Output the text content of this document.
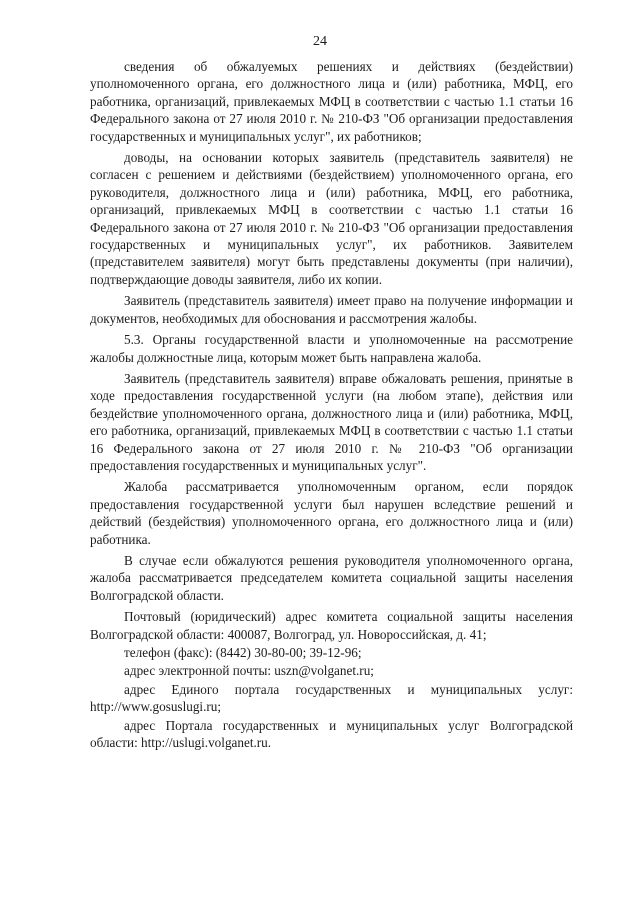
24

сведения об обжалуемых решениях и действиях (бездействии) уполномоченного органа, его должностного лица и (или) работника, МФЦ, его работника, организаций, привлекаемых МФЦ в соответствии с частью 1.1 статьи 16 Федерального закона от 27 июля 2010 г. № 210-ФЗ "Об организации предоставления государственных и муниципальных услуг", их работников;

доводы, на основании которых заявитель (представитель заявителя) не согласен с решением и действиями (бездействием) уполномоченного органа, его руководителя, должностного лица и (или) работника, МФЦ, его работника, организаций, привлекаемых МФЦ в соответствии с частью 1.1 статьи 16 Федерального закона от 27 июля 2010 г. № 210-ФЗ "Об организации предоставления государственных и муниципальных услуг", их работников. Заявителем (представителем заявителя) могут быть представлены документы (при наличии), подтверждающие доводы заявителя, либо их копии.

Заявитель (представитель заявителя) имеет право на получение информации и документов, необходимых для обоснования и рассмотрения жалобы.

5.3. Органы государственной власти и уполномоченные на рассмотрение жалобы должностные лица, которым может быть направлена жалоба.

Заявитель (представитель заявителя) вправе обжаловать решения, принятые в ходе предоставления государственной услуги (на любом этапе), действия или бездействие уполномоченного органа, должностного лица и (или) работника, МФЦ, его работника, организаций, привлекаемых МФЦ в соответствии с частью 1.1 статьи 16 Федерального закона от 27 июля 2010 г. № 210-ФЗ "Об организации предоставления государственных и муниципальных услуг".

Жалоба рассматривается уполномоченным органом, если порядок предоставления государственной услуги был нарушен вследствие решений и действий (бездействия) уполномоченного органа, его должностного лица и (или) работника.

В случае если обжалуются решения руководителя уполномоченного органа, жалоба рассматривается председателем комитета социальной защиты населения Волгоградской области.

Почтовый (юридический) адрес комитета социальной защиты населения Волгоградской области: 400087, Волгоград, ул. Новороссийская, д. 41;

телефон (факс): (8442) 30-80-00; 39-12-96;

адрес электронной почты: uszn@volganet.ru;

адрес Единого портала государственных и муниципальных услуг: http://www.gosuslugi.ru;

адрес Портала государственных и муниципальных услуг Волгоградской области: http://uslugi.volganet.ru.
